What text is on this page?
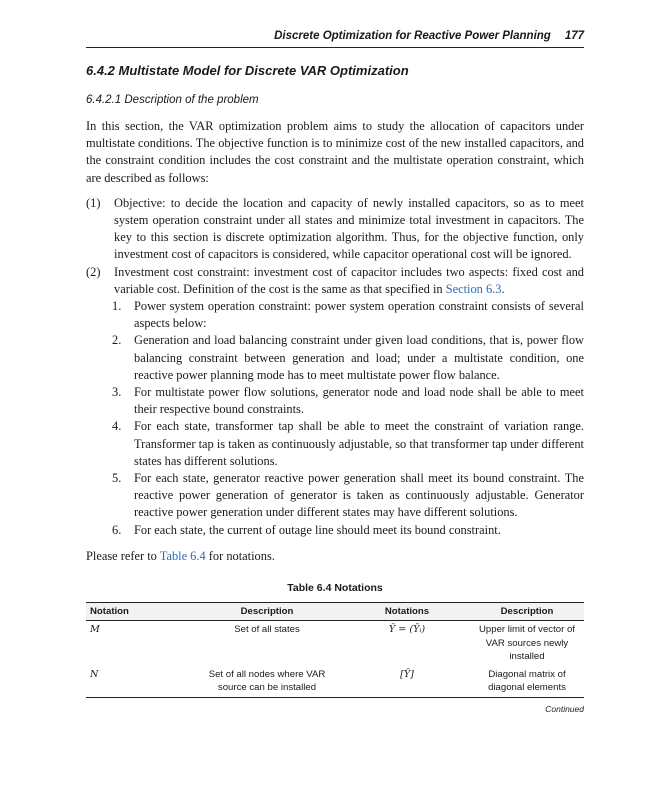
Discrete Optimization for Reactive Power Planning 177
6.4.2 Multistate Model for Discrete VAR Optimization
6.4.2.1 Description of the problem
In this section, the VAR optimization problem aims to study the allocation of capacitors under multistate conditions. The objective function is to minimize cost of the new installed capacitors, and the constraint condition includes the cost constraint and the multistate operation constraint, which are described as follows:
(1) Objective: to decide the location and capacity of newly installed capacitors, so as to meet system operation constraint under all states and minimize total investment in capacitors. The key to this section is discrete optimization algorithm. Thus, for the objective function, only investment cost of capacitors is considered, while capacitor operational cost will be ignored.
(2) Investment cost constraint: investment cost of capacitor includes two aspects: fixed cost and variable cost. Definition of the cost is the same as that specified in Section 6.3.
1. Power system operation constraint: power system operation constraint consists of several aspects below:
2. Generation and load balancing constraint under given load conditions, that is, power flow balancing constraint between generation and load; under a multistate condition, one reactive power planning mode has to meet multistate power flow balance.
3. For multistate power flow solutions, generator node and load node shall be able to meet their respective bound constraints.
4. For each state, transformer tap shall be able to meet the constraint of variation range. Transformer tap is taken as continuously adjustable, so that transformer tap under different states has different solutions.
5. For each state, generator reactive power generation shall meet its bound constraint. The reactive power generation of generator is taken as continuously adjustable. Generator reactive power generation under different states may have different solutions.
6. For each state, the current of outage line should meet its bound constraint.
Please refer to Table 6.4 for notations.
Table 6.4 Notations
Notation	Description	Notations	Description
M	Set of all states	Ȳ = (Ȳᵢ)	Upper limit of vector of VAR sources newly installed
N	Set of all nodes where VAR source can be installed	[Ȳ]	Diagonal matrix of diagonal elements
Continued
